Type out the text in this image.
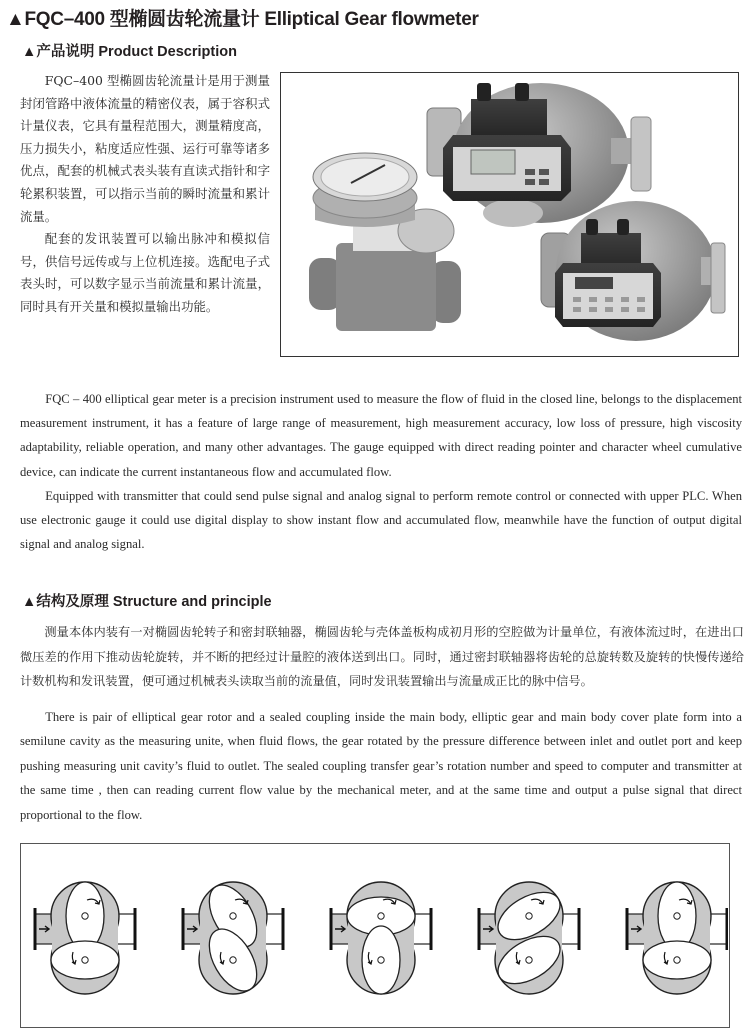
▲FQC–400 型椭圆齿轮流量计 Elliptical Gear flowmeter
▲产品说明 Product Description

FQC–400 型椭圆齿轮流量计是用于测量封闭管路中液体流量的精密仪表，属于容积式计量仪表，它具有量程范围大，测量精度高，压力损失小，粘度适应性强、运行可靠等诸多优点，配套的机械式表头装有直读式指针和字轮累积装置，可以指示当前的瞬时流量和累计流量。

配套的发讯装置可以输出脉冲和模拟信号，供信号远传或与上位机连接。选配电子式表头时，可以数字显示当前流量和累计流量，同时具有开关量和模拟量输出功能。

FQC – 400 elliptical gear meter is a precision instrument used to measure the flow of fluid in the closed line, belongs to the displacement measurement instrument, it has a feature of large range of measurement, high measurement accuracy, low loss of pressure, high viscosity adaptability, reliable operation, and many other advantages. The gauge equipped with direct reading pointer and character wheel cumulative device, can indicate the current instantaneous flow and accumulated flow.

Equipped with transmitter that could send pulse signal and analog signal to perform remote control or connected with upper PLC. When use electronic gauge it could use digital display to show instant flow and accumulated flow, meanwhile have the function of output digital signal and analog signal.

▲结构及原理 Structure and principle

测量本体内装有一对椭圆齿轮转子和密封联轴器，椭圆齿轮与壳体盖板构成初月形的空腔做为计量单位，有液体流过时，在进出口微压差的作用下推动齿轮旋转，并不断的把经过计量腔的液体送到出口。同时，通过密封联轴器将齿轮的总旋转数及旋转的快慢传递给计数机构和发讯装置，便可通过机械表头读取当前的流量值，同时发讯装置输出与流量成正比的脉中信号。

There is pair of elliptical gear rotor and a sealed coupling inside the main body, elliptic gear and main body cover plate form into a semilune cavity as the measuring unite, when fluid flows, the gear rotated by the pressure difference between inlet and outlet port and keep pushing measuring unit cavity’s fluid to outlet. The sealed coupling transfer gear’s rotation number and speed to computer and transmitter at the same time , then can reading current flow value by the mechanical meter, and at the same time and output a pulse signal that direct proportional to the flow.
